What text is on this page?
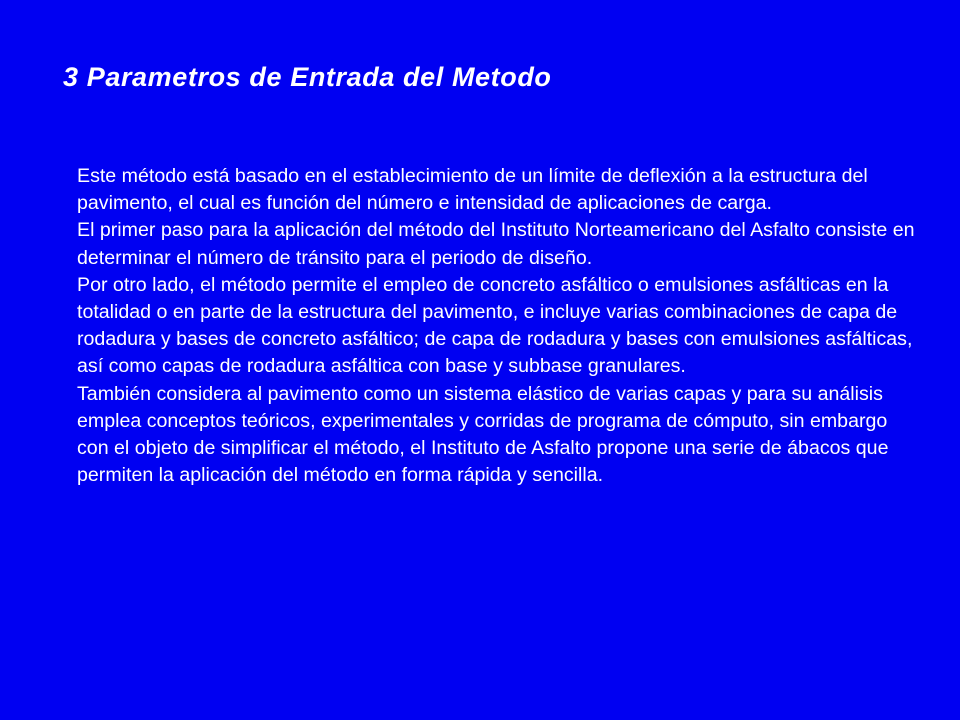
3 Parametros de Entrada del Metodo

Este método está basado en el establecimiento de un límite de deflexión a la estructura del pavimento, el cual es función del número e intensidad de aplicaciones de carga.

El primer paso para la aplicación del método del Instituto Norteamericano del Asfalto consiste en determinar el número de tránsito para el periodo de diseño.

Por otro lado, el método permite el empleo de concreto asfáltico o emulsiones asfálticas en la totalidad o en parte de la estructura del pavimento, e incluye varias combinaciones de capa de rodadura y bases de concreto asfáltico; de capa de rodadura y bases con emulsiones asfálticas, así como capas de rodadura asfáltica con base y subbase granulares.

También considera al pavimento como un sistema elástico de varias capas y para su análisis emplea conceptos teóricos, experimentales y corridas de programa de cómputo, sin embargo con el objeto de simplificar el método, el Instituto de Asfalto propone una serie de ábacos que permiten la aplicación del método en forma rápida y sencilla.
